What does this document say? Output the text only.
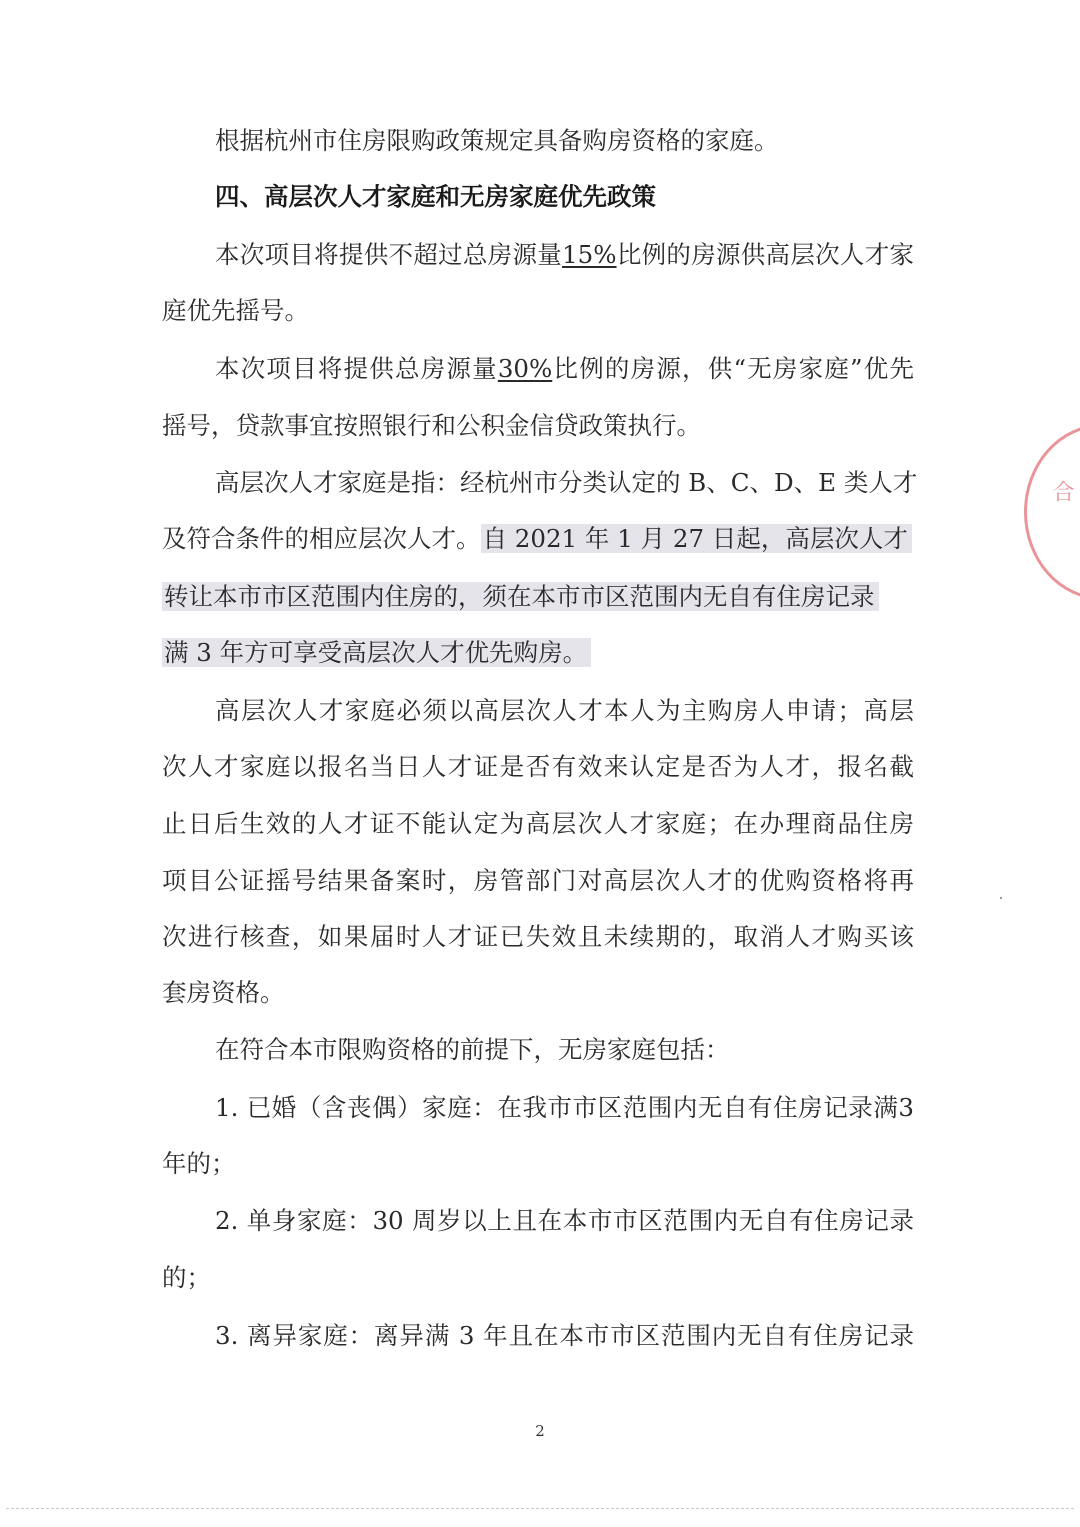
根据杭州市住房限购政策规定具备购房资格的家庭。
四、高层次人才家庭和无房家庭优先政策
本次项目将提供不超过总房源量15%比例的房源供高层次人才家
庭优先摇号。
本次项目将提供总房源量30%比例的房源，供“无房家庭”优先
摇号，贷款事宜按照银行和公积金信贷政策执行。
高层次人才家庭是指：经杭州市分类认定的 B、C、D、E 类人才
及符合条件的相应层次人才。自 2021 年 1 月 27 日起，高层次人才
转让本市市区范围内住房的，须在本市市区范围内无自有住房记录
满 3 年方可享受高层次人才优先购房。
高层次人才家庭必须以高层次人才本人为主购房人申请；高层
次人才家庭以报名当日人才证是否有效来认定是否为人才，报名截
止日后生效的人才证不能认定为高层次人才家庭；在办理商品住房
项目公证摇号结果备案时，房管部门对高层次人才的优购资格将再
次进行核查，如果届时人才证已失效且未续期的，取消人才购买该
套房资格。
在符合本市限购资格的前提下，无房家庭包括：
1. 已婚（含丧偶）家庭：在我市市区范围内无自有住房记录满3
年的；
2. 单身家庭：30 周岁以上且在本市市区范围内无自有住房记录
的；
3. 离异家庭：离异满 3 年且在本市市区范围内无自有住房记录
2
合
